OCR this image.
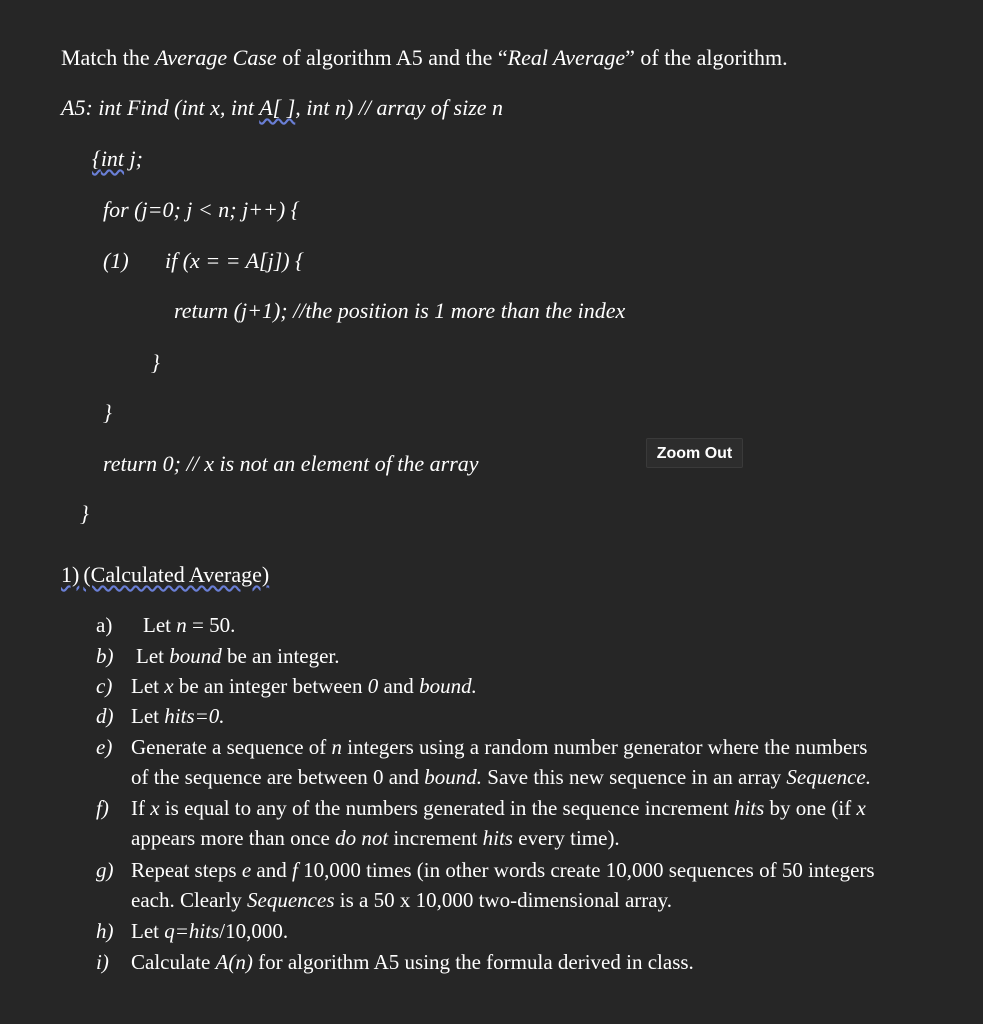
Match the Average Case of algorithm A5 and the “Real Average” of the algorithm.
A5: int Find (int x, int A[ ], int n) // array of size n
{int j;
for (j=0; j < n; j++) {
(1) if (x = = A[j]) {
return (j+1); //the position is 1 more than the index
}
}
return 0; // x is not an element of the array
}
Zoom Out
1) (Calculated Average)
a) Let n = 50.
b) Let bound be an integer.
c) Let x be an integer between 0 and bound.
d) Let hits=0.
e) Generate a sequence of n integers using a random number generator where the numbers
of the sequence are between 0 and bound. Save this new sequence in an array Sequence.
f) If x is equal to any of the numbers generated in the sequence increment hits by one (if x
appears more than once do not increment hits every time).
g) Repeat steps e and f 10,000 times (in other words create 10,000 sequences of 50 integers
each. Clearly Sequences is a 50 x 10,000 two-dimensional array.
h) Let q=hits/10,000.
i) Calculate A(n) for algorithm A5 using the formula derived in class.
